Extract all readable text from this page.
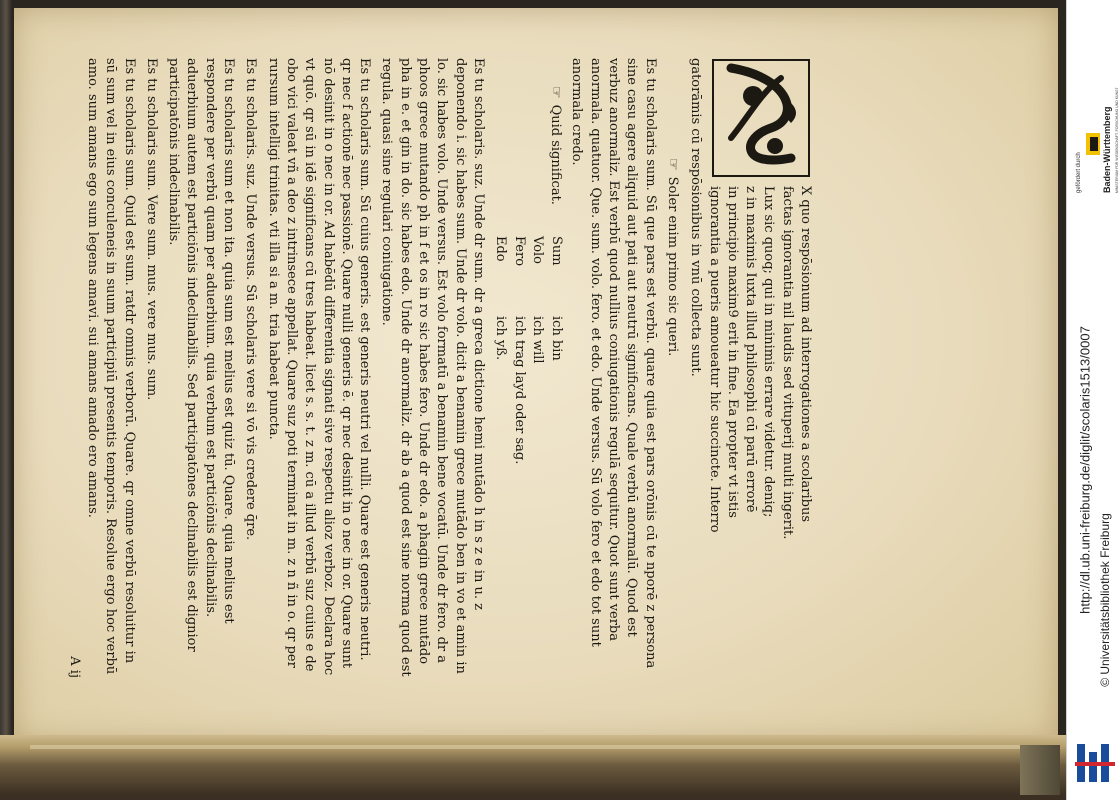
X quo respōsionum ad interrogationes a scolaribus

factas ignorantia nil laudis sed vituperij multi ingerit.

Lux sic quoq; qui in minimis errare videtur. deniq;

z in maximis Iuxta illud philosophi cū parū errorē

in principio maxim9 erit in fine. Ea propter vt istis

ignorantia a pueris amoueatur hic succincte. Interro

gatorāmis cū respōsionibus in vnū collecta sunt.

☞Soler enim primo sic queri.

Es tu scholaris sum. Sū que pars est verbū. quare quia est pars orōnis cū te nporē z persona sine casu agere aliquid aut pati aut neutrū significans. Quale verbū anormalū. Quod est verbuz anormaliz. Est verbū quod nullius coniugationis regulā sequitur. Quot sunt verba anormala. quatuor. Que. sum. volo. fero. et edo. Unde versus. Sū volo fero et edo tot sunt anormala credo.

☞Quid significat.
Sum
ich bin
Volo
ich will
Fero
ich trag layd oder sag.
Edo
ich yß.

Es tu scholaris. suz. Unde dr sum. dr a greca dictione hemi mutādo h in s z e in u. z deponendo i. sic habes sum. Unde dr volo. dicit a benamin grece mutādo ben in vo et amin in lo. sic habes volo. Unde versus. Est volo formatū a benamin bene vocatū. Unde dr fero. dr a phoos grece mutando ph in f et os in ro sic habes fero. Unde dr edo. a phagin grece mutādo pha in e. et gin in do. sic habes edo. Unde dr anormaliz. dr ab a quod est sine norma quod est regula. quasi sine regulari coniugatione.

Es tu scholaris sum. Sū cuius generis. est generis neutri vel nulli. Quare est generis neutri. qr nec f actionē nec passionē. Quare nulli generis ē. qr nec desinit in o nec in or. Quare sunt nō desinit in o nec in or. Ad habēdū differentia signati sive respectu alioz verboz. Declara hoc vt quō. qr sū in idē significans cū tres habeat. licet s. s. t. z m. cū a illud verbū suz cuius e de obo vici valeat vñ a deo z intrinsece appellat. Quare suz poti terminat in m. z n ñ in o. qr per rursum intelligi trinitas. vti illa si a m. tria habeat puncta.

Es tu scholaris. suz. Unde versus. Sū scholaris vere si vō vis credere q̄re.

Es tu scholaris sum et non ita. quia sum est melius est quiz tū. Quare. quia melius est respondere per verbū quam per aduerbium. quia verbum est particiōnis declinabilis. aduerbium autem est particiōnis indeclinabilis. Sed participatōnes declinabilis est dignior participatōnis indeclinabilis.

Es tu scholaris sum. Vere sum. mus. vere mus. sum.

Es tu scholaris sum. Quid est sum. ratdr omnis verborū. Quare. qr omne verbū resoluitur in sū sum vel in eius conculeneis in suum participiū presentis temporis. Resolue ergo hoc verbū amo. sum amans ego sum legens amavi. sui amans amado ero amans.

A ij

gefördert durch Baden-Württemberg MINISTERIUM FÜR WISSENSCHAFT, FORSCHUNG UND KUNST
http://dl.ub.uni-freiburg.de/diglit/scolaris1513/0007 © Universitätsbibliothek Freiburg
